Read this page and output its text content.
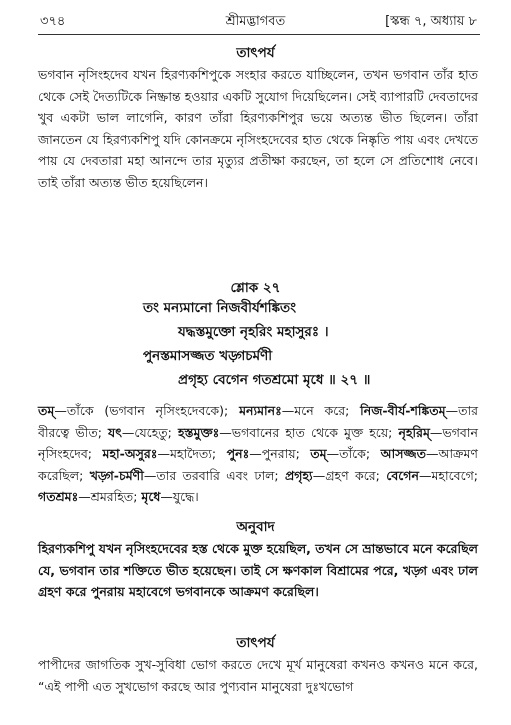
৩৭৪	শ্রীমদ্ভাগবত	[স্কন্ধ ৭, অধ্যায় ৮
তাৎপর্য
ভগবান নৃসিংহদেব যখন হিরণ্যকশিপুকে সংহার করতে যাচ্ছিলেন, তখন ভগবান তাঁর হাত থেকে সেই দৈত্যটিকে নিষ্ক্রান্ত হওয়ার একটি সুযোগ দিয়েছিলেন। সেই ব্যাপারটি দেবতাদের খুব একটা ভাল লাগেনি, কারণ তাঁরা হিরণ্যকশিপুর ভয়ে অত্যন্ত ভীত ছিলেন। তাঁরা জানতেন যে হিরণ্যকশিপু যদি কোনক্রমে নৃসিংহদেবের হাত থেকে নিষ্কৃতি পায় এবং দেখতে পায় যে দেবতারা মহা আনন্দে তার মৃত্যুর প্রতীক্ষা করছেন, তা হলে সে প্রতিশোধ নেবে। তাই তাঁরা অত্যন্ত ভীত হয়েছিলেন।
শ্লোক ২৭
তং মন্যমানো নিজবীর্যশঙ্কিতং
যদ্ধস্তমুক্তো নৃহরিং মহাসুরঃ ।
পুনস্তমাসজ্জত খড়্গচর্মণী
প্রগৃহ্য বেগেন গতশ্রমো মৃধে ॥ ২৭ ॥
তম্—তাঁকে (ভগবান নৃসিংহদেবকে); মন্যমানঃ—মনে করে; নিজ-বীর্য-শঙ্কিতম্—তার বীরত্বে ভীত; যৎ—যেহেতু; হস্তমুক্তঃ—ভগবানের হাত থেকে মুক্ত হয়ে; নৃহরিম্—ভগবান নৃসিংহদেব; মহা-অসুরঃ—মহাদৈত্য; পুনঃ—পুনরায়; তম্—তাঁকে; আসজ্জত—আক্রমণ করেছিল; খড়্গ-চর্মণী—তার তরবারি এবং ঢাল; প্রগৃহ্য—গ্রহণ করে; বেগেন—মহাবেগে; গতশ্রমঃ—শ্রমরহিত; মৃধে—যুদ্ধে।
অনুবাদ
হিরণ্যকশিপু যখন নৃসিংহদেবের হস্ত থেকে মুক্ত হয়েছিল, তখন সে ভ্রান্তভাবে মনে করেছিল যে, ভগবান তার শক্তিতে ভীত হয়েছেন। তাই সে ক্ষণকাল বিশ্রামের পরে, খড়্গ এবং ঢাল গ্রহণ করে পুনরায় মহাবেগে ভগবানকে আক্রমণ করেছিল।
তাৎপর্য
পাপীদের জাগতিক সুখ-সুবিধা ভোগ করতে দেখে মূর্খ মানুষেরা কখনও কখনও মনে করে, “এই পাপী এত সুখভোগ করছে আর পুণ্যবান মানুষেরা দুঃখভোগ
